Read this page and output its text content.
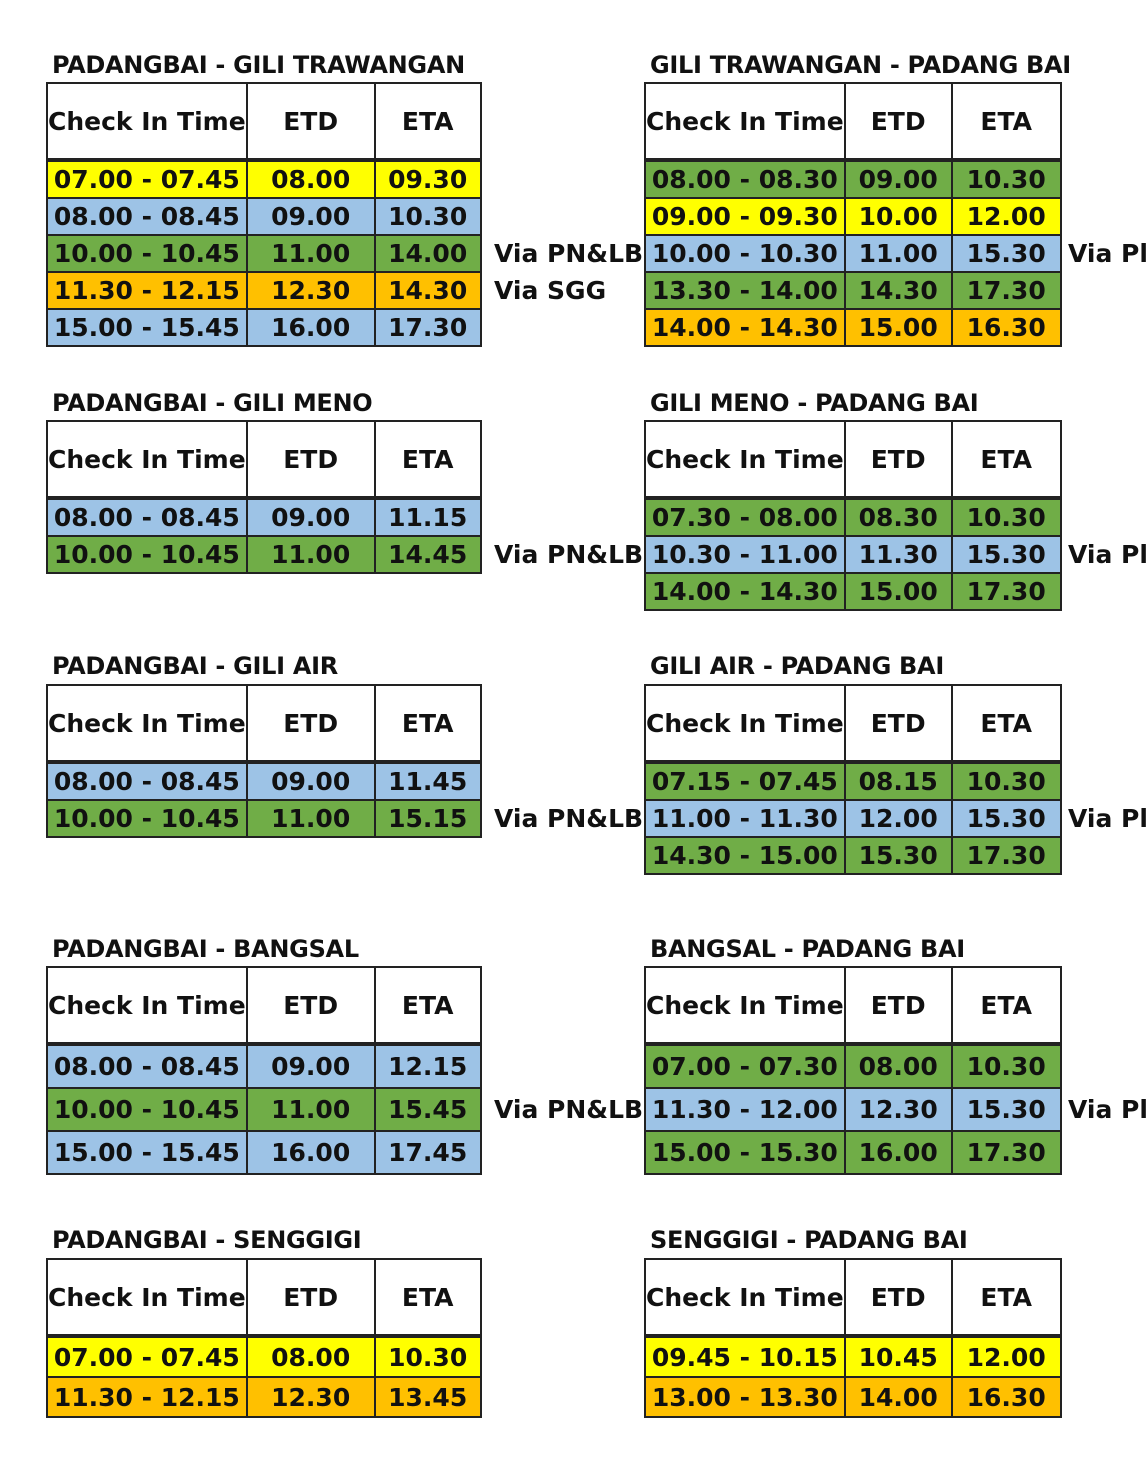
PADANGBAI - GILI TRAWANGAN
Via PN&LB
Via SGG
Check In Time	ETD	ETA
07.00 - 07.45	08.00	09.30
08.00 - 08.45	09.00	10.30
10.00 - 10.45	11.00	14.00
11.30 - 12.15	12.30	14.30
15.00 - 15.45	16.00	17.30
GILI TRAWANGAN - PADANG BAI
Via Pl
Check In Time	ETD	ETA
08.00 - 08.30	09.00	10.30
09.00 - 09.30	10.00	12.00
10.00 - 10.30	11.00	15.30
13.30 - 14.00	14.30	17.30
14.00 - 14.30	15.00	16.30
PADANGBAI - GILI MENO
Via PN&LB
Check In Time	ETD	ETA
08.00 - 08.45	09.00	11.15
10.00 - 10.45	11.00	14.45
GILI MENO - PADANG BAI
Via Pl
Check In Time	ETD	ETA
07.30 - 08.00	08.30	10.30
10.30 - 11.00	11.30	15.30
14.00 - 14.30	15.00	17.30
PADANGBAI - GILI AIR
Via PN&LB
Check In Time	ETD	ETA
08.00 - 08.45	09.00	11.45
10.00 - 10.45	11.00	15.15
GILI AIR - PADANG BAI
Via Pl
Check In Time	ETD	ETA
07.15 - 07.45	08.15	10.30
11.00 - 11.30	12.00	15.30
14.30 - 15.00	15.30	17.30
PADANGBAI - BANGSAL
Via PN&LB
Check In Time	ETD	ETA
08.00 - 08.45	09.00	12.15
10.00 - 10.45	11.00	15.45
15.00 - 15.45	16.00	17.45
BANGSAL - PADANG BAI
Via Pl
Check In Time	ETD	ETA
07.00 - 07.30	08.00	10.30
11.30 - 12.00	12.30	15.30
15.00 - 15.30	16.00	17.30
PADANGBAI - SENGGIGI
Check In Time	ETD	ETA
07.00 - 07.45	08.00	10.30
11.30 - 12.15	12.30	13.45
SENGGIGI - PADANG BAI
Check In Time	ETD	ETA
09.45 - 10.15	10.45	12.00
13.00 - 13.30	14.00	16.30
